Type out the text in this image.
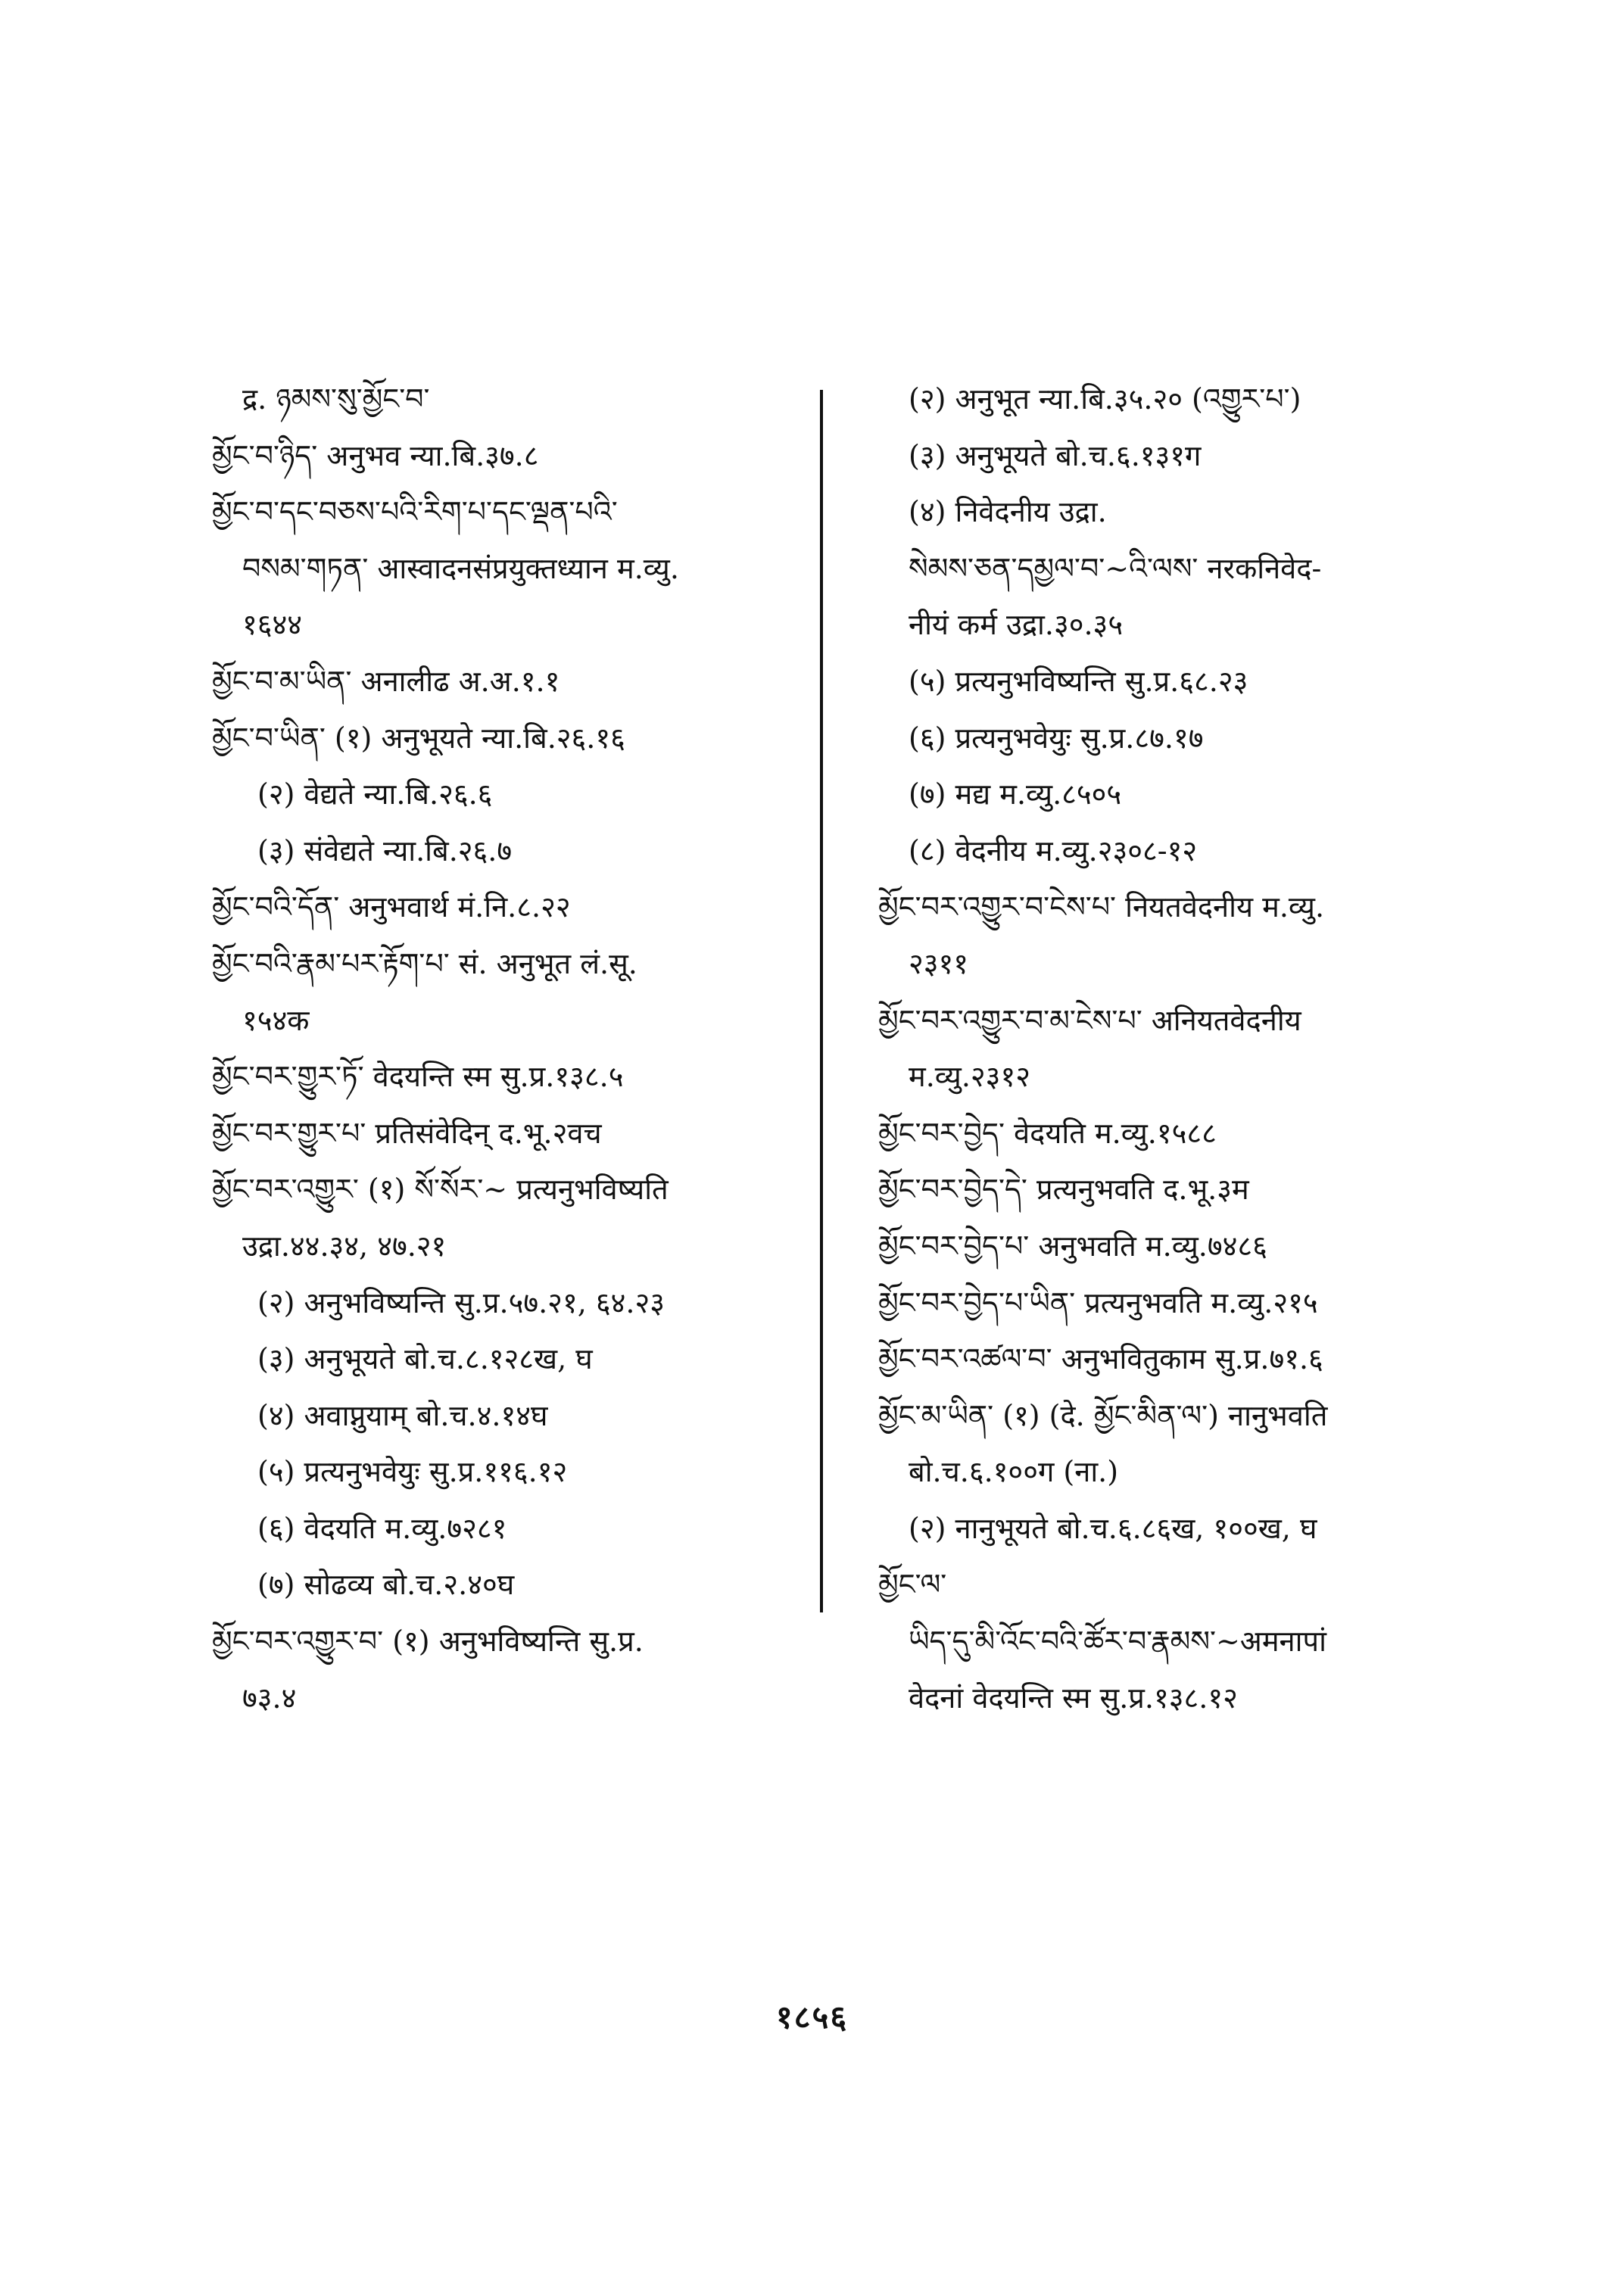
द्र. ཉམས་སུ་མྱོང་བ་
མྱོང་བ་ཉིད་ अनुभव न्या.बि.३७.८
མྱོང་བ་དང་བཅས་པའི་རིག་པ་དང་ལྡན་པའི་
བསམ་གཏན་ आस्वादनसंप्रयुक्तध्यान म.व्यु.
१६४४
མྱོང་བ་མ་ཡིན་ अनालीढ अ.अ.१.१
མྱོང་བ་ཡིན་ (१) अनुभूयते न्या.बि.२६.१६
(२) वेद्यते न्या.बि.२६.६
(३) संवेद्यते न्या.बि.२६.७
མྱོང་བའི་དོན་ अनुभवार्थ मं.नि.८.२२
མྱོང་བའི་རྣམ་པར་རྟོག་པ་ सं. अनुभूत लं.सू.
१५४क
མྱོང་བར་གྱུར་ཏོ་ वेदयन्ति स्म सु.प्र.१३८.५
མྱོང་བར་གྱུར་པ་ प्रतिसंवेदिन् द.भू.२वच
མྱོང་བར་འགྱུར་ (१) སོ་སོར་~ प्रत्यनुभविष्यति
उद्रा.४४.३४, ४७.२१
(२) अनुभविष्यन्ति सु.प्र.५७.२१, ६४.२३
(३) अनुभूयते बो.च.८.१२८ख, घ
(४) अवाप्नुयाम् बो.च.४.१४घ
(५) प्रत्यनुभवेयुः सु.प्र.११६.१२
(६) वेदयति म.व्यु.७२८१
(७) सोढव्य बो.च.२.४०घ
མྱོང་བར་འགྱུར་བ་ (१) अनुभविष्यन्ति सु.प्र.
७३.४
(२) अनुभूत न्या.बि.३५.२० (འགྱུར་པ་)
(३) अनुभूयते बो.च.६.१३१ग
(४) निवेदनीय उद्रा.
སེམས་ཅན་དམྱལ་བ་~འི་ལས་ नरकनिवेद-
नीयं कर्म उद्रा.३०.३५
(५) प्रत्यनुभविष्यन्ति सु.प्र.६८.२३
(६) प्रत्यनुभवेयुः सु.प्र.८७.१७
(७) मद्य म.व्यु.८५०५
(८) वेदनीय म.व्यु.२३०८-१२
མྱོང་བར་འགྱུར་བ་ངེས་པ་ नियतवेदनीय म.व्यु.
२३११
མྱོང་བར་འགྱུར་བ་མ་ངེས་པ་ अनियतवेदनीय
म.व्यु.२३१२
མྱོང་བར་བྱེད་ वेदयति म.व्यु.१५८८
མྱོང་བར་བྱེད་དེ་ प्रत्यनुभवति द.भू.३म
མྱོང་བར་བྱེད་པ་ अनुभवति म.व्यु.७४८६
མྱོང་བར་བྱེད་པ་ཡིན་ प्रत्यनुभवति म.व्यु.२१५
མྱོང་བར་འཚལ་བ་ अनुभवितुकाम सु.प्र.७१.६
མྱོང་མ་ཡིན་ (१) (दे. མྱོང་མིན་ལ་) नानुभवति
बो.च.६.१००ग (ना.)
(२) नानुभूयते बो.च.६.८६ख, १००ख, घ
མྱོང་ལ་
ཡིད་དུ་མི་འོང་བའི་ཚོར་བ་རྣམས་~अमनापां
वेदनां वेदयन्ति स्म सु.प्र.१३८.१२
१८५६
